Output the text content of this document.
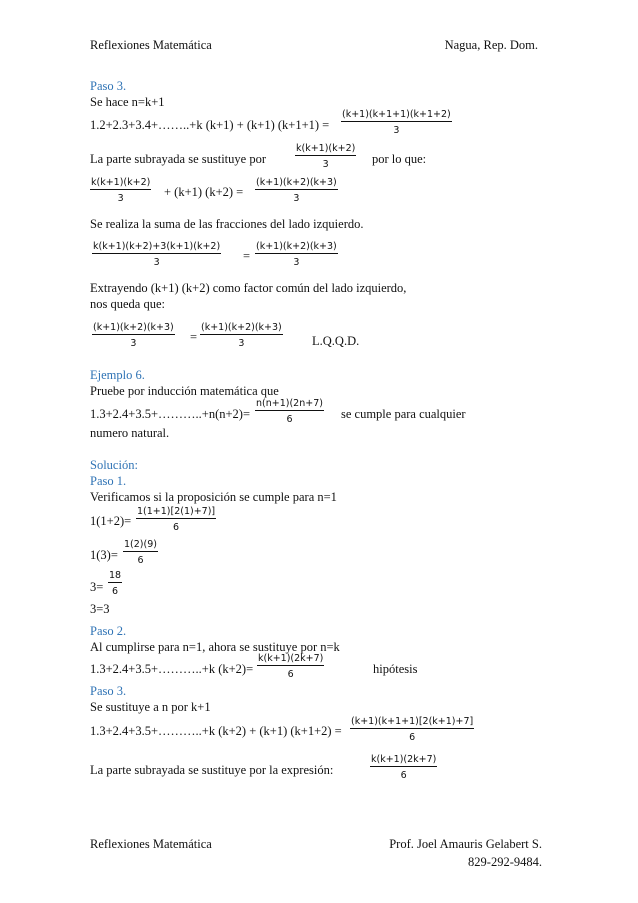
Reflexiones Matemática	Nagua, Rep. Dom.
Paso 3.
Se hace n=k+1
1.2+2.3+3.4+……..+k (k+1) + (k+1) $(k+1+1) = \frac{(k+1)(k+1+1)(k+1+2)}{3}$
La parte subrayada se sustituye por	$\frac{k(k+1)(k+2)}{3}$ por lo que:
$\frac{k(k+1)(k+2)}{3} + (k+1) (k+2) = \frac{(k+1)(k+2)(k+3)}{3}$
Se realiza la suma de las fracciones del lado izquierdo.
$\frac{k(k+1)(k+2)+3(k+1)(k+2)}{3} = \frac{(k+1)(k+2)(k+3)}{3}$
Extrayendo (k+1) (k+2) como factor común del lado izquierdo,
nos queda que:
$\frac{(k+1)(k+2)(k+3)}{3} = \frac{(k+1)(k+2)(k+3)}{3} L.Q.Q.D$.
Ejemplo 6.
Pruebe por inducción matemática que
1.3+2.4+3.5+………..+n(n+2)= $\frac{n(n+1)(2n+7)}{6}$ se cumple para cualquier
numero natural.
Solución:
Paso 1.
Verificamos si la proposición se cumple para n=1
$1(1+2)= \frac{1(1+1)[2(1)+7)]}{6}$
$1(3)= \frac{1(2)(9)}{6}$
$3= \frac{18}{6}$
3=3
Paso 2.
Al cumplirse para n=1, ahora se sustituye por n=k
1.3+2.4+3.5+………..+k $(k+2)= \frac{k(k+1)(2k+7)}{6}$	hipótesis
Paso 3.
Se sustituye a n por k+1
1.3+2.4+3.5+………..+k (k+2) + (k+1) $(k+1+2) = \frac{(k+1)(k+1+1)[2(k+1)+7]}{6}$
La parte subrayada se sustituye por la expresión:	$\frac{k(k+1)(2k+7)}{6}$
Reflexiones Matemática	Prof. Joel Amauris Gelabert S.
829-292-9484.
